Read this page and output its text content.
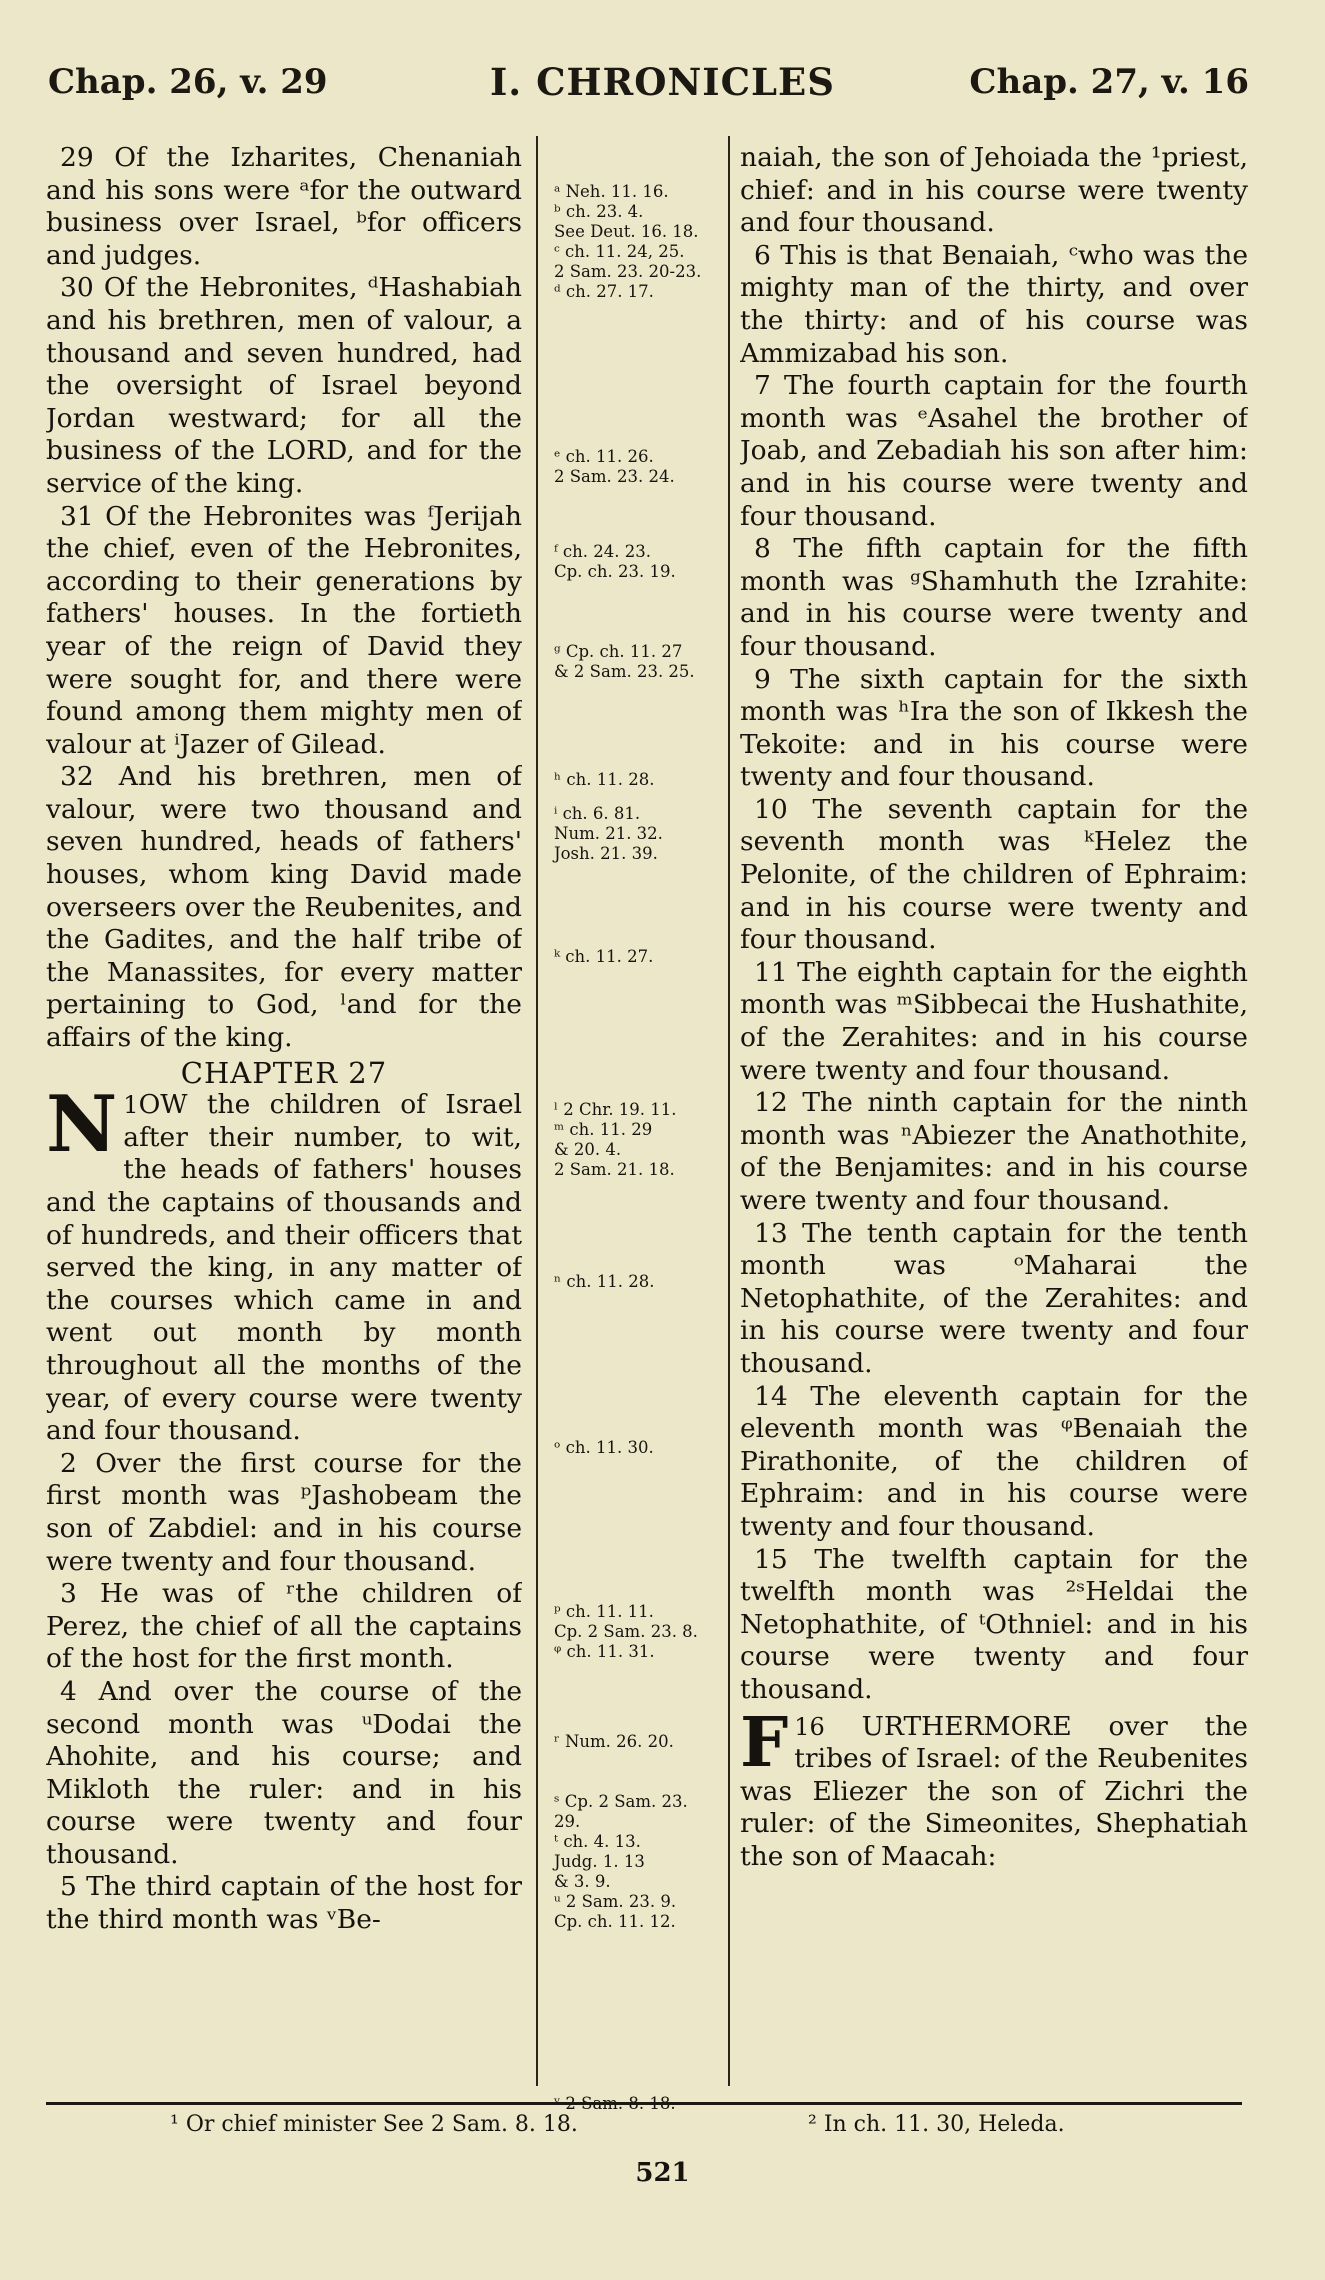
Chap. 26, v. 29	I. CHRONICLES	Chap. 27, v. 16

29 Of the Izharites, Chenaniah and his sons were ᵃfor the outward business over Israel, ᵇfor officers and judges.

30 Of the Hebronites, ᵈHashabiah and his brethren, men of valour, a thousand and seven hundred, had the oversight of Israel beyond Jordan westward; for all the business of the LORD, and for the service of the king.

31 Of the Hebronites was ᶠJerijah the chief, even of the Hebronites, according to their generations by fathers' houses. In the fortieth year of the reign of David they were sought for, and there were found among them mighty men of valour at ⁱJazer of Gilead.

32 And his brethren, men of valour, were two thousand and seven hundred, heads of fathers' houses, whom king David made overseers over the Reubenites, and the Gadites, and the half tribe of the Manassites, for every matter pertaining to God, ˡand for the affairs of the king.

CHAPTER 27

1
N OW the children of Israel after their number, to wit, the heads of fathers' houses and the captains of thousands and of hundreds, and their officers that served the king, in any matter of the courses which came in and went out month by month throughout all the months of the year, of every course were twenty and four thousand.

2 Over the first course for the first month was ᵖJashobeam the son of Zabdiel: and in his course were twenty and four thousand.

3 He was of ʳthe children of Perez, the chief of all the captains of the host for the first month.

4 And over the course of the second month was ᵘDodai the Ahohite, and his course; and Mikloth the ruler: and in his course were twenty and four thousand.

5 The third captain of the host for the third month was ᵛBe-

ᵃ Neh. 11. 16.
ᵇ ch. 23. 4.
See Deut. 16. 18.
ᶜ ch. 11. 24, 25.
2 Sam. 23. 20-23.
ᵈ ch. 27. 17.
ᵉ ch. 11. 26.
2 Sam. 23. 24.
ᶠ ch. 24. 23.
Cp. ch. 23. 19.
ᵍ Cp. ch. 11. 27
& 2 Sam. 23. 25.
ʰ ch. 11. 28.
ⁱ ch. 6. 81.
Num. 21. 32.
Josh. 21. 39.
ᵏ ch. 11. 27.
ˡ 2 Chr. 19. 11.
ᵐ ch. 11. 29
& 20. 4.
2 Sam. 21. 18.
ⁿ ch. 11. 28.
ᵒ ch. 11. 30.
ᵖ ch. 11. 11.
Cp. 2 Sam. 23. 8.
ᵠ ch. 11. 31.
ʳ Num. 26. 20.
ˢ Cp. 2 Sam. 23.
29.
ᵗ ch. 4. 13.
Judg. 1. 13
& 3. 9.
ᵘ 2 Sam. 23. 9.
Cp. ch. 11. 12.

naiah, the son of Jehoiada the ¹priest, chief: and in his course were twenty and four thousand.

6 This is that Benaiah, ᶜwho was the mighty man of the thirty, and over the thirty: and of his course was Ammizabad his son.

7 The fourth captain for the fourth month was ᵉAsahel the brother of Joab, and Zebadiah his son after him: and in his course were twenty and four thousand.

8 The fifth captain for the fifth month was ᵍShamhuth the Izrahite: and in his course were twenty and four thousand.

9 The sixth captain for the sixth month was ʰIra the son of Ikkesh the Tekoite: and in his course were twenty and four thousand.

10 The seventh captain for the seventh month was ᵏHelez the Pelonite, of the children of Ephraim: and in his course were twenty and four thousand.

11 The eighth captain for the eighth month was ᵐSibbecai the Hushathite, of the Zerahites: and in his course were twenty and four thousand.

12 The ninth captain for the ninth month was ⁿAbiezer the Anathothite, of the Benjamites: and in his course were twenty and four thousand.

13 The tenth captain for the tenth month was ᵒMaharai the Netophathite, of the Zerahites: and in his course were twenty and four thousand.

14 The eleventh captain for the eleventh month was ᵠBenaiah the Pirathonite, of the children of Ephraim: and in his course were twenty and four thousand.

15 The twelfth captain for the twelfth month was ²ˢHeldai the Netophathite, of ᵗOthniel: and in his course were twenty and four thousand.

16
F	URTHERMORE over the tribes of Israel: of the Reubenites was Eliezer the son of Zichri the ruler: of the Simeonites, Shephatiah the son of Maacah:

¹ Or chief minister See 2 Sam. 8. 18.	² In ch. 11. 30, Heleda.
521
